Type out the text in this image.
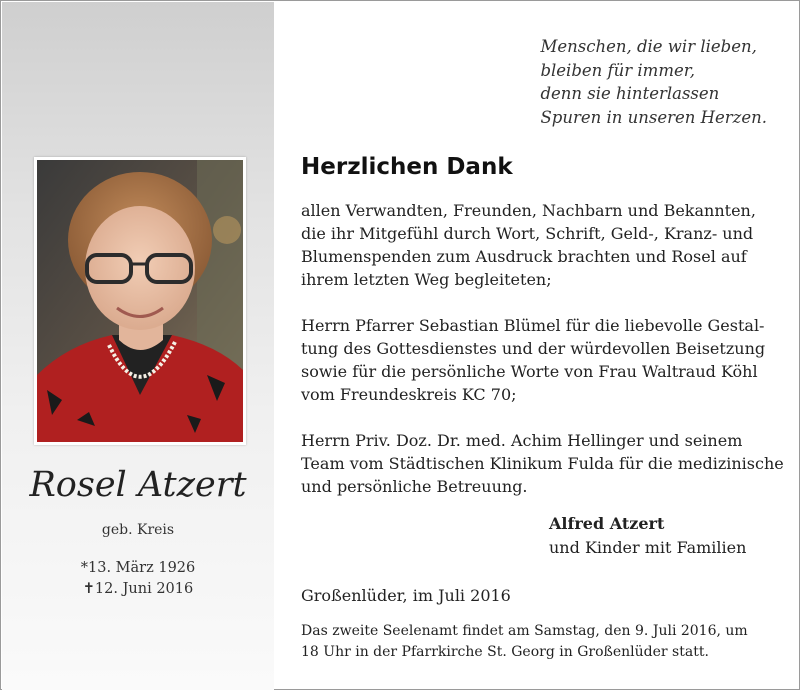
Rosel Atzert
geb. Kreis
*13. März 1926
✝12. Juni 2016
Menschen, die wir lieben,
bleiben für immer,
denn sie hinterlassen
Spuren in unseren Herzen.
Herzlichen Dank
allen Verwandten, Freunden, Nachbarn und Bekannten,
die ihr Mitgefühl durch Wort, Schrift, Geld-, Kranz- und
Blumenspenden zum Ausdruck brachten und Rosel auf
ihrem letzten Weg begleiteten;
Herrn Pfarrer Sebastian Blümel für die liebevolle Gestal-
tung des Gottesdienstes und der würdevollen Beisetzung
sowie für die persönliche Worte von Frau Waltraud Köhl
vom Freundeskreis KC 70;
Herrn Priv. Doz. Dr. med. Achim Hellinger und seinem
Team vom Städtischen Klinikum Fulda für die medizinische
und persönliche Betreuung.
Alfred Atzert
und Kinder mit Familien
Großenlüder, im Juli 2016
Das zweite Seelenamt findet am Samstag, den 9. Juli 2016, um
18 Uhr in der Pfarrkirche St. Georg in Großenlüder statt.
